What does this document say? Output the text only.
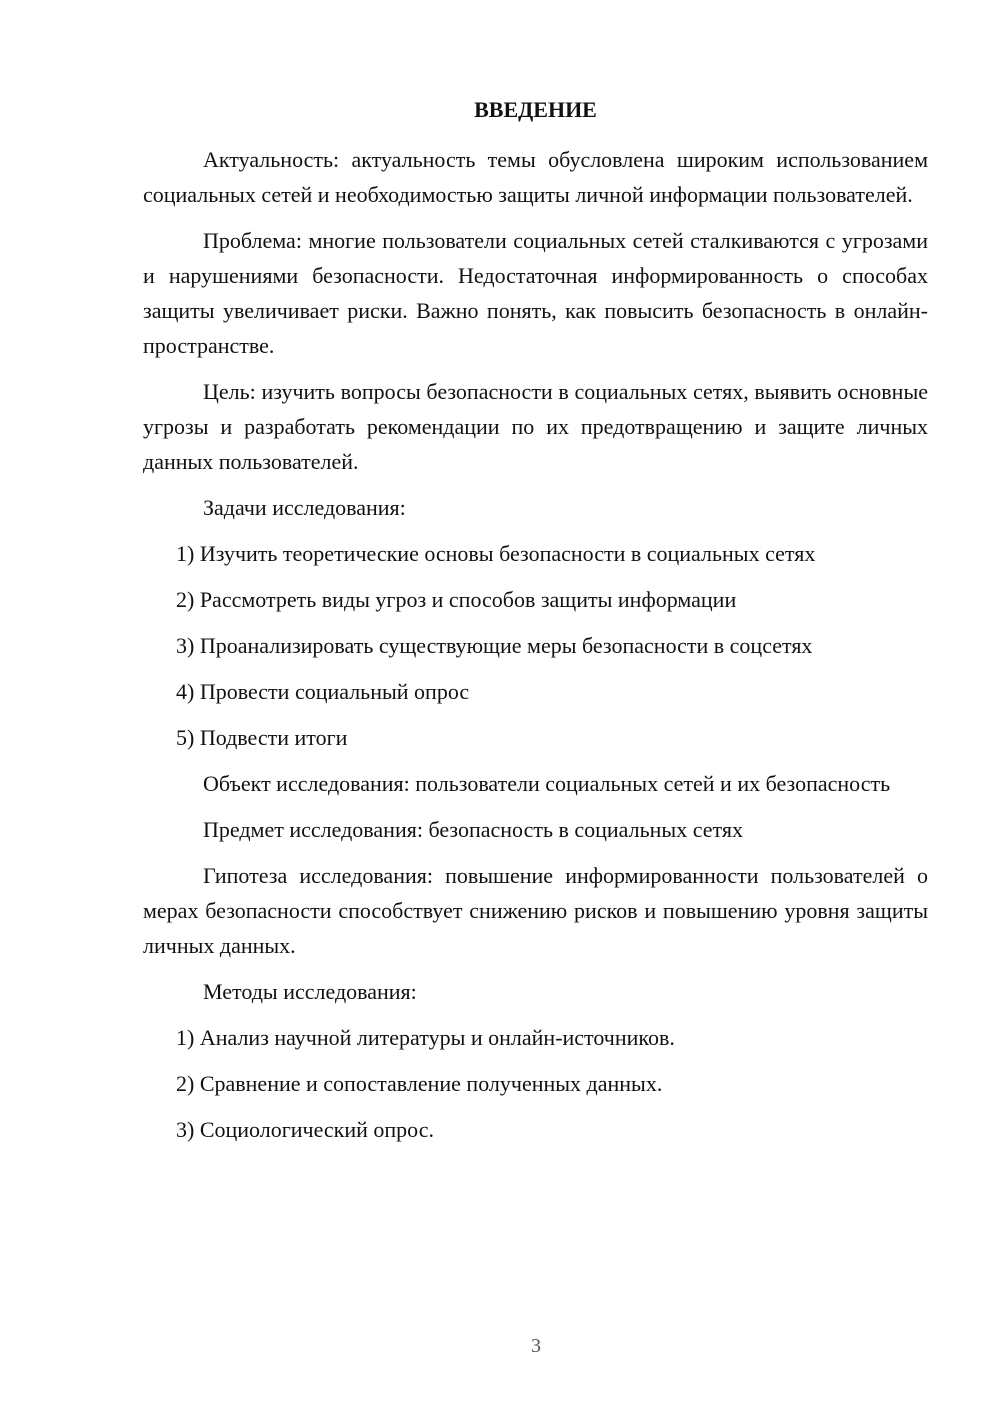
ВВЕДЕНИЕ

Актуальность: актуальность темы обусловлена широким использованием социальных сетей и необходимостью защиты личной информации пользователей.

Проблема: многие пользователи социальных сетей сталкиваются с угрозами и нарушениями безопасности. Недостаточная информированность о способах защиты увеличивает риски. Важно понять, как повысить безопасность в онлайн-пространстве.

Цель: изучить вопросы безопасности в социальных сетях, выявить основные угрозы и разработать рекомендации по их предотвращению и защите личных данных пользователей.

Задачи исследования:

1) Изучить теоретические основы безопасности в социальных сетях
2) Рассмотреть виды угроз и способов защиты информации
3) Проанализировать существующие меры безопасности в соцсетях
4) Провести социальный опрос
5) Подвести итоги

Объект исследования: пользователи социальных сетей и их безопасность

Предмет исследования: безопасность в социальных сетях

Гипотеза исследования: повышение информированности пользователей о мерах безопасности способствует снижению рисков и повышению уровня защиты личных данных.

Методы исследования:

1) Анализ научной литературы и онлайн-источников.
2) Сравнение и сопоставление полученных данных.
3) Социологический опрос.
3
